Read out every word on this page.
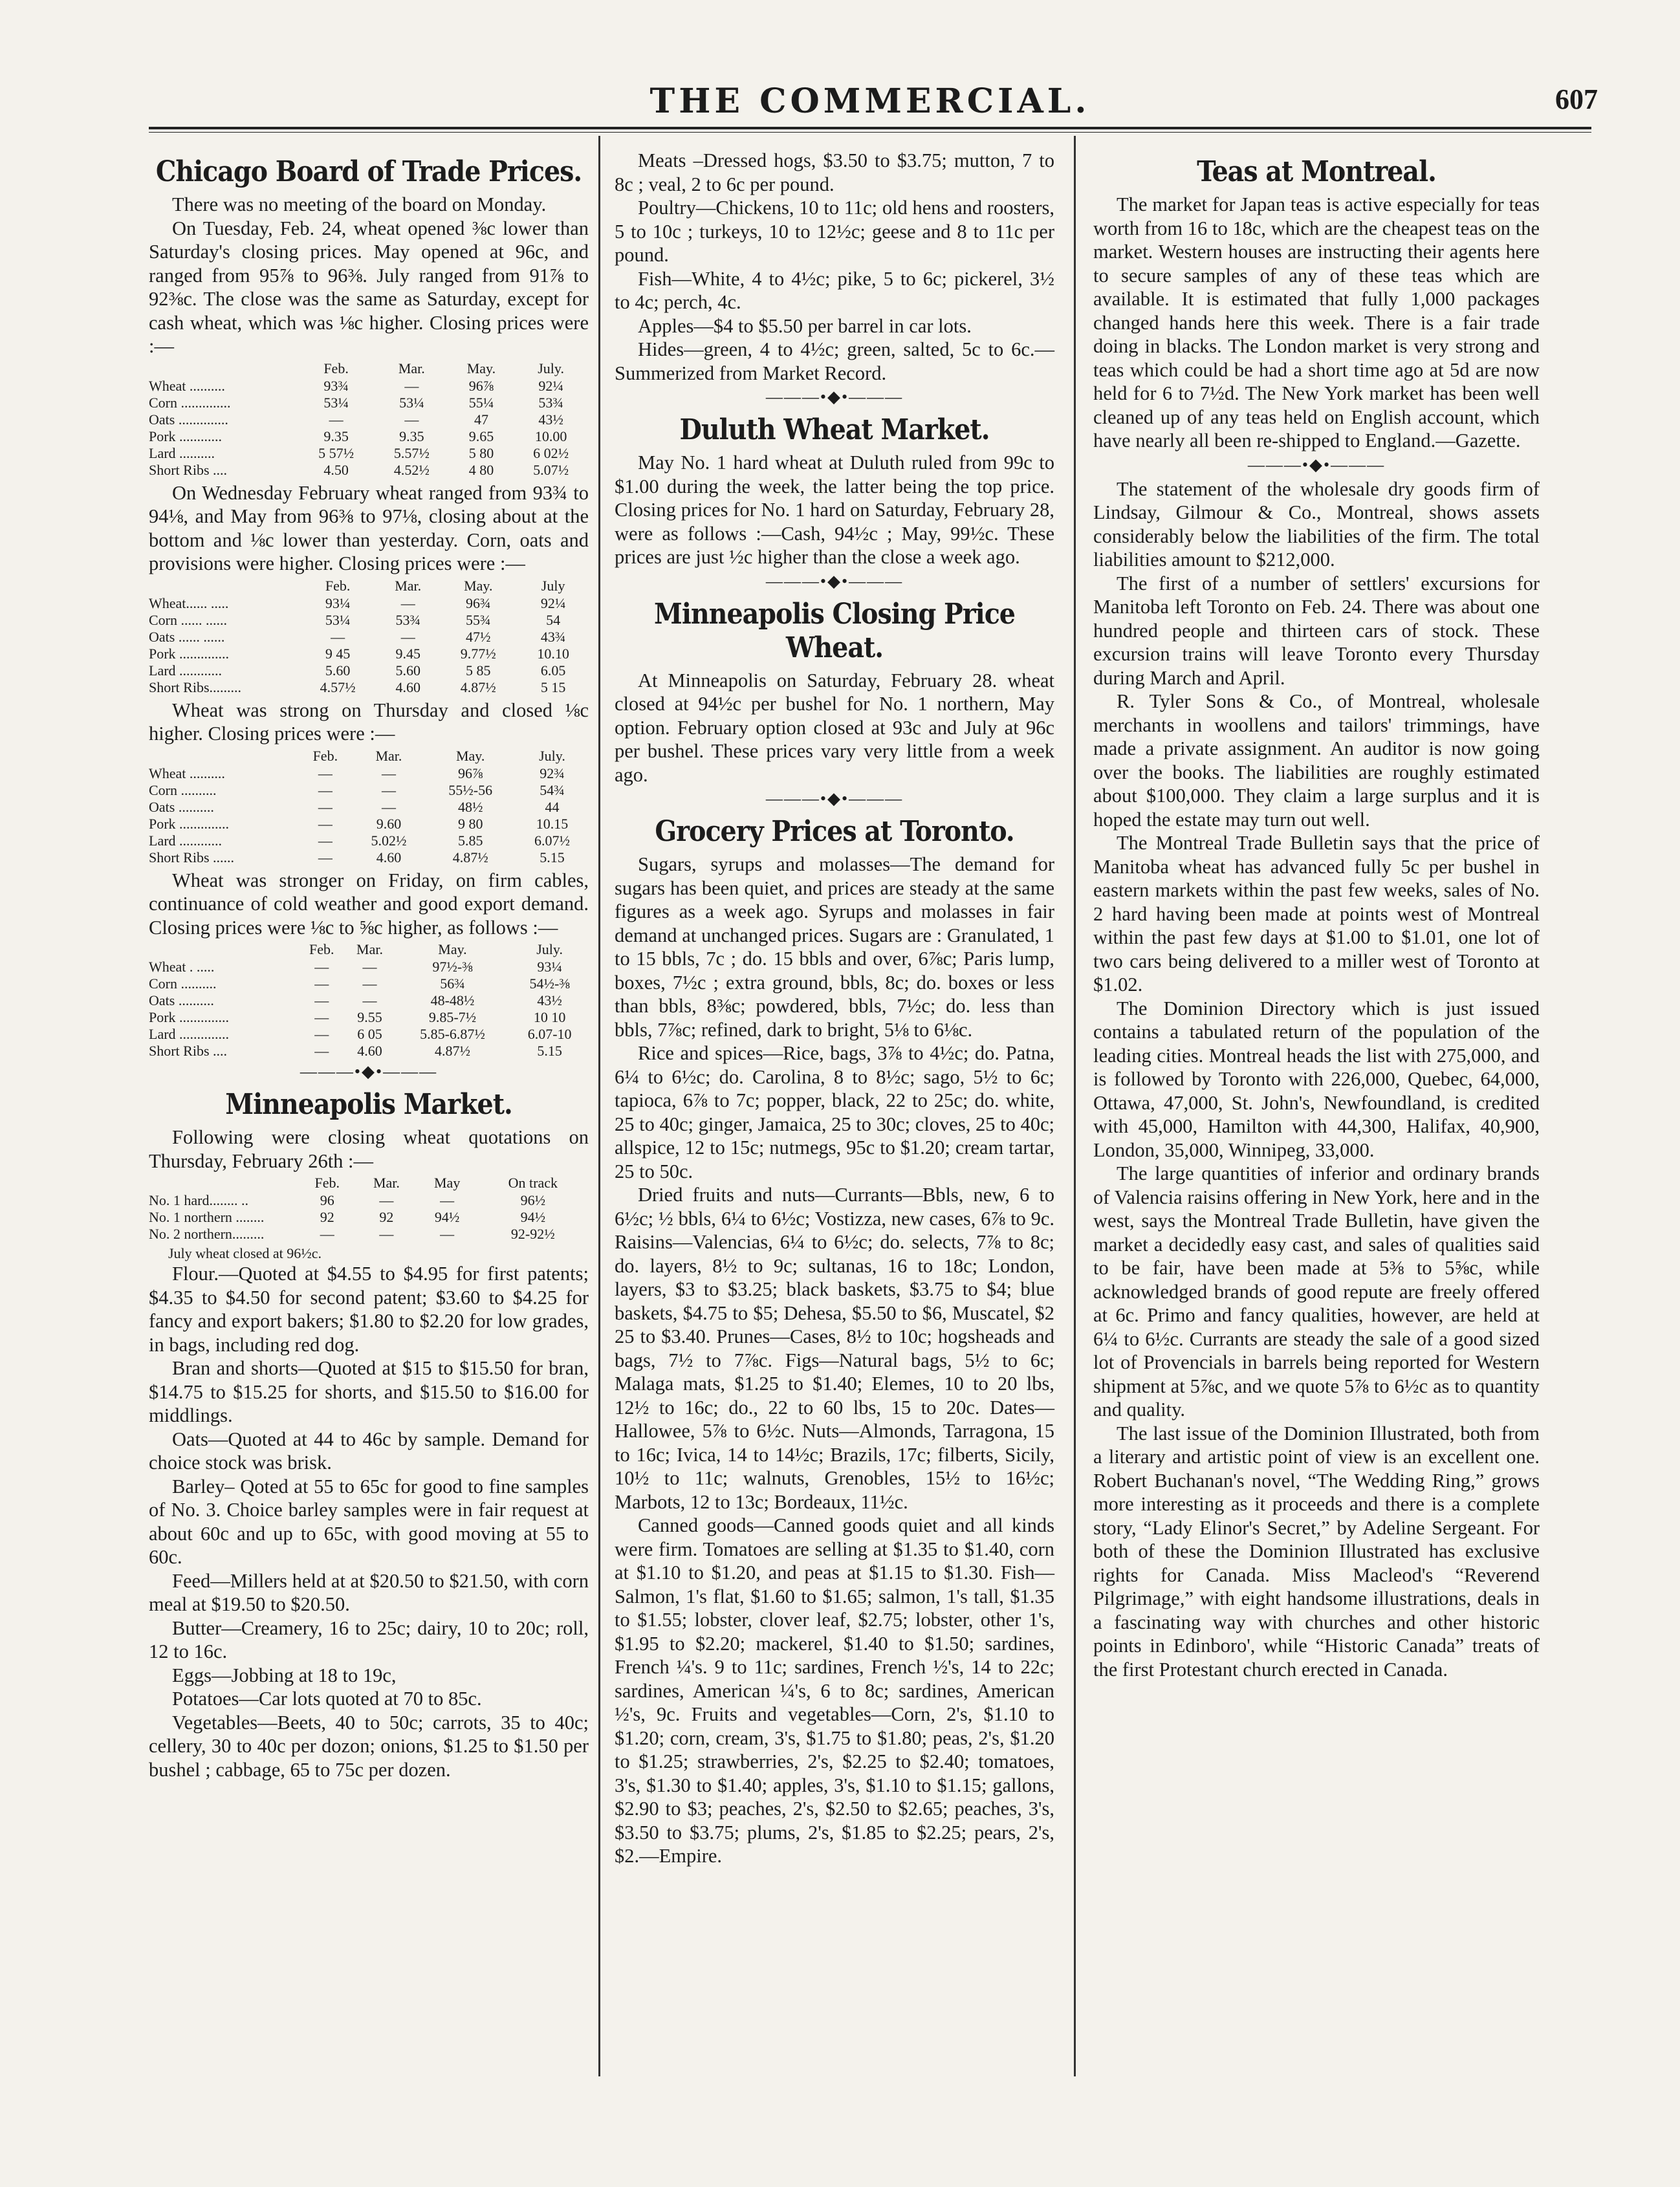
THE COMMERCIAL.	607
Chicago Board of Trade Prices.

There was no meeting of the board on Monday.

On Tuesday, Feb. 24, wheat opened ⅜c lower than Saturday's closing prices. May opened at 96c, and ranged from 95⅞ to 96⅜. July ranged from 91⅞ to 92⅜c. The close was the same as Saturday, except for cash wheat, which was ⅛c higher. Closing prices were :—

	Feb.	Mar.	May.	July.
Wheat ..........	93¾	—	96⅞	92¼
Corn ..............	53¼	53¼	55¼	53¾
Oats ..............	—	—	47	43½
Pork ............	9.35	9.35	9.65	10.00
Lard ..........	5 57½	5.57½	5 80	6 02½
Short Ribs ....	4.50	4.52½	4 80	5.07½

On Wednesday February wheat ranged from 93¾ to 94⅛, and May from 96⅜ to 97⅛, closing about at the bottom and ⅛c lower than yesterday. Corn, oats and provisions were higher. Closing prices were :—

	Feb.	Mar.	May.	July
Wheat...... .....	93¼	—	96¾	92¼
Corn ...... ......	53¼	53¾	55¾	54
Oats ...... ......	—	—	47½	43¾
Pork ..............	9 45	9.45	9.77½	10.10
Lard ............	5.60	5.60	5 85	6.05
Short Ribs.........	4.57½	4.60	4.87½	5 15

Wheat was strong on Thursday and closed ⅛c higher. Closing prices were :—

	Feb.	Mar.	May.	July.
Wheat ..........	—	—	96⅞	92¾
Corn ..........	—	—	55½-56	54¾
Oats ..........	—	—	48½	44
Pork ..............	—	9.60	9 80	10.15
Lard ............	—	5.02½	5.85	6.07½
Short Ribs ......	—	4.60	4.87½	5.15

Wheat was stronger on Friday, on firm cables, continuance of cold weather and good export demand. Closing prices were ⅛c to ⅝c higher, as follows :—

	Feb.	Mar.	May.	July.
Wheat . .....	—	—	97½-⅜	93¼
Corn ..........	—	—	56¾	54½-⅜
Oats ..........	—	—	48-48½	43½
Pork ..............	—	9.55	9.85-7½	10 10
Lard ..............	—	6 05	5.85-6.87½	6.07-10
Short Ribs ....	—	4.60	4.87½	5.15
———•◆•———
Minneapolis Market.

Following were closing wheat quotations on Thursday, February 26th :—

	Feb.	Mar.	May	On track
No. 1 hard........ ..	96	—	—	96½
No. 1 northern ........	92	92	94½	94½
No. 2 northern.........	—	—	—	92-92½
July wheat closed at 96½c.

Flour.—Quoted at $4.55 to $4.95 for first patents; $4.35 to $4.50 for second patent; $3.60 to $4.25 for fancy and export bakers; $1.80 to $2.20 for low grades, in bags, including red dog.

Bran and shorts—Quoted at $15 to $15.50 for bran, $14.75 to $15.25 for shorts, and $15.50 to $16.00 for middlings.

Oats—Quoted at 44 to 46c by sample. Demand for choice stock was brisk.

Barley– Qoted at 55 to 65c for good to fine samples of No. 3. Choice barley samples were in fair request at about 60c and up to 65c, with good moving at 55 to 60c.

Feed—Millers held at at $20.50 to $21.50, with corn meal at $19.50 to $20.50.

Butter—Creamery, 16 to 25c; dairy, 10 to 20c; roll, 12 to 16c.

Eggs—Jobbing at 18 to 19c,

Potatoes—Car lots quoted at 70 to 85c.

Vegetables—Beets, 40 to 50c; carrots, 35 to 40c; cellery, 30 to 40c per dozon; onions, $1.25 to $1.50 per bushel ; cabbage, 65 to 75c per dozen.

Meats –Dressed hogs, $3.50 to $3.75; mutton, 7 to 8c ; veal, 2 to 6c per pound.

Poultry—Chickens, 10 to 11c; old hens and roosters, 5 to 10c ; turkeys, 10 to 12½c; geese and 8 to 11c per pound.

Fish—White, 4 to 4½c; pike, 5 to 6c; pickerel, 3½ to 4c; perch, 4c.

Apples—$4 to $5.50 per barrel in car lots.

Hides—green, 4 to 4½c; green, salted, 5c to 6c.—Summerized from Market Record.

———•◆•———
Duluth Wheat Market.

May No. 1 hard wheat at Duluth ruled from 99c to $1.00 during the week, the latter being the top price. Closing prices for No. 1 hard on Saturday, February 28, were as follows :—Cash, 94½c ; May, 99½c. These prices are just ½c higher than the close a week ago.

———•◆•———
Minneapolis Closing Price Wheat.

At Minneapolis on Saturday, February 28. wheat closed at 94½c per bushel for No. 1 northern, May option. February option closed at 93c and July at 96c per bushel. These prices vary very little from a week ago.

———•◆•———
Grocery Prices at Toronto.

Sugars, syrups and molasses—The demand for sugars has been quiet, and prices are steady at the same figures as a week ago. Syrups and molasses in fair demand at unchanged prices. Sugars are : Granulated, 1 to 15 bbls, 7c ; do. 15 bbls and over, 6⅞c; Paris lump, boxes, 7½c ; extra ground, bbls, 8c; do. boxes or less than bbls, 8⅜c; powdered, bbls, 7½c; do. less than bbls, 7⅞c; refined, dark to bright, 5⅛ to 6⅛c.

Rice and spices—Rice, bags, 3⅞ to 4½c; do. Patna, 6¼ to 6½c; do. Carolina, 8 to 8½c; sago, 5½ to 6c; tapioca, 6⅞ to 7c; popper, black, 22 to 25c; do. white, 25 to 40c; ginger, Jamaica, 25 to 30c; cloves, 25 to 40c; allspice, 12 to 15c; nutmegs, 95c to $1.20; cream tartar, 25 to 50c.

Dried fruits and nuts—Currants—Bbls, new, 6 to 6½c; ½ bbls, 6¼ to 6½c; Vostizza, new cases, 6⅞ to 9c. Raisins—Valencias, 6¼ to 6½c; do. selects, 7⅞ to 8c; do. layers, 8½ to 9c; sultanas, 16 to 18c; London, layers, $3 to $3.25; black baskets, $3.75 to $4; blue baskets, $4.75 to $5; Dehesa, $5.50 to $6, Muscatel, $2 25 to $3.40. Prunes—Cases, 8½ to 10c; hogsheads and bags, 7½ to 7⅞c. Figs—Natural bags, 5½ to 6c; Malaga mats, $1.25 to $1.40; Elemes, 10 to 20 lbs, 12½ to 16c; do., 22 to 60 lbs, 15 to 20c. Dates—Hallowee, 5⅞ to 6½c. Nuts—Almonds, Tarragona, 15 to 16c; Ivica, 14 to 14½c; Brazils, 17c; filberts, Sicily, 10½ to 11c; walnuts, Grenobles, 15½ to 16½c; Marbots, 12 to 13c; Bordeaux, 11½c.

Canned goods—Canned goods quiet and all kinds were firm. Tomatoes are selling at $1.35 to $1.40, corn at $1.10 to $1.20, and peas at $1.15 to $1.30. Fish—Salmon, 1's flat, $1.60 to $1.65; salmon, 1's tall, $1.35 to $1.55; lobster, clover leaf, $2.75; lobster, other 1's, $1.95 to $2.20; mackerel, $1.40 to $1.50; sardines, French ¼'s. 9 to 11c; sardines, French ½'s, 14 to 22c; sardines, American ¼'s, 6 to 8c; sardines, American ½'s, 9c. Fruits and vegetables—Corn, 2's, $1.10 to $1.20; corn, cream, 3's, $1.75 to $1.80; peas, 2's, $1.20 to $1.25; strawberries, 2's, $2.25 to $2.40; tomatoes, 3's, $1.30 to $1.40; apples, 3's, $1.10 to $1.15; gallons, $2.90 to $3; peaches, 2's, $2.50 to $2.65; peaches, 3's, $3.50 to $3.75; plums, 2's, $1.85 to $2.25; pears, 2's, $2.—Empire.

Teas at Montreal.

The market for Japan teas is active especially for teas worth from 16 to 18c, which are the cheapest teas on the market. Western houses are instructing their agents here to secure samples of any of these teas which are available. It is estimated that fully 1,000 packages changed hands here this week. There is a fair trade doing in blacks. The London market is very strong and teas which could be had a short time ago at 5d are now held for 6 to 7½d. The New York market has been well cleaned up of any teas held on English account, which have nearly all been re-shipped to England.—Gazette.

———•◆•———

The statement of the wholesale dry goods firm of Lindsay, Gilmour & Co., Montreal, shows assets considerably below the liabilities of the firm. The total liabilities amount to $212,000.

The first of a number of settlers' excursions for Manitoba left Toronto on Feb. 24. There was about one hundred people and thirteen cars of stock. These excursion trains will leave Toronto every Thursday during March and April.

R. Tyler Sons & Co., of Montreal, wholesale merchants in woollens and tailors' trimmings, have made a private assignment. An auditor is now going over the books. The liabilities are roughly estimated about $100,000. They claim a large surplus and it is hoped the estate may turn out well.

The Montreal Trade Bulletin says that the price of Manitoba wheat has advanced fully 5c per bushel in eastern markets within the past few weeks, sales of No. 2 hard having been made at points west of Montreal within the past few days at $1.00 to $1.01, one lot of two cars being delivered to a miller west of Toronto at $1.02.

The Dominion Directory which is just issued contains a tabulated return of the population of the leading cities. Montreal heads the list with 275,000, and is followed by Toronto with 226,000, Quebec, 64,000, Ottawa, 47,000, St. John's, Newfoundland, is credited with 45,000, Hamilton with 44,300, Halifax, 40,900, London, 35,000, Winnipeg, 33,000.

The large quantities of inferior and ordinary brands of Valencia raisins offering in New York, here and in the west, says the Montreal Trade Bulletin, have given the market a decidedly easy cast, and sales of qualities said to be fair, have been made at 5⅜ to 5⅝c, while acknowledged brands of good repute are freely offered at 6c. Primo and fancy qualities, however, are held at 6¼ to 6½c. Currants are steady the sale of a good sized lot of Provencials in barrels being reported for Western shipment at 5⅞c, and we quote 5⅞ to 6½c as to quantity and quality.

The last issue of the Dominion Illustrated, both from a literary and artistic point of view is an excellent one. Robert Buchanan's novel, “The Wedding Ring,” grows more interesting as it proceeds and there is a complete story, “Lady Elinor's Secret,” by Adeline Sergeant. For both of these the Dominion Illustrated has exclusive rights for Canada. Miss Macleod's “Reverend Pilgrimage,” with eight handsome illustrations, deals in a fascinating way with churches and other historic points in Edinboro', while “Historic Canada” treats of the first Protestant church erected in Canada.
